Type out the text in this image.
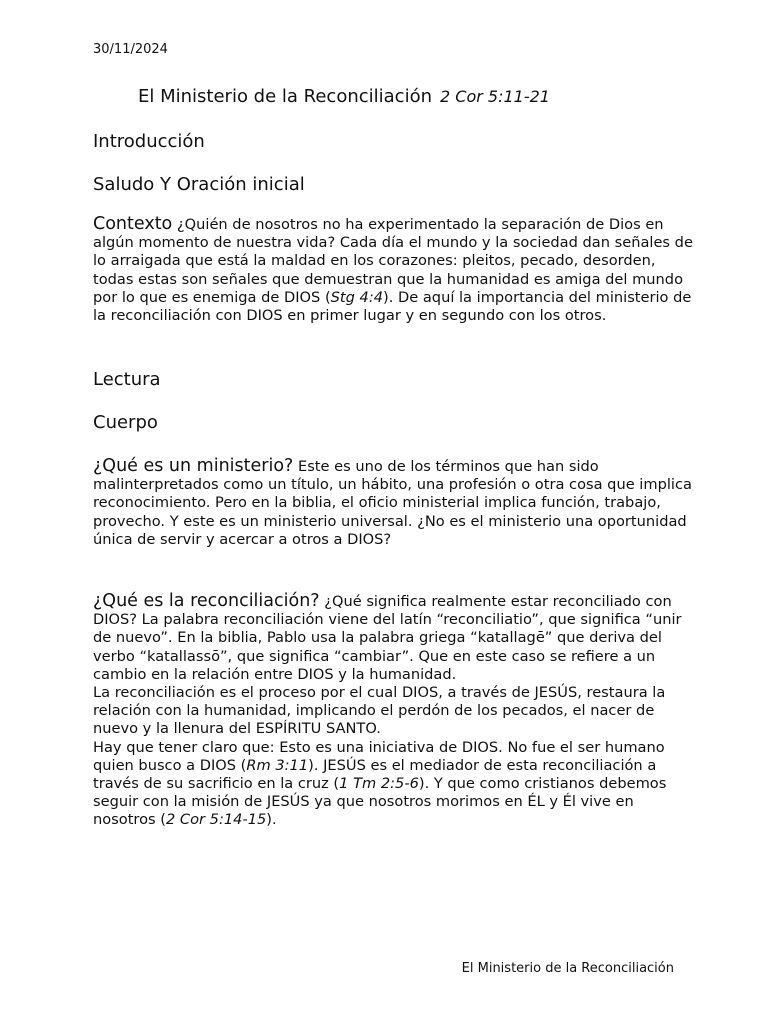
30/11/2024
El Ministerio de la Reconciliación 2 Cor 5:11-21
Introducción
Saludo Y Oración inicial
Contexto ¿Quién de nosotros no ha experimentado la separación de Dios en algún momento de nuestra vida? Cada día el mundo y la sociedad dan señales de lo arraigada que está la maldad en los corazones: pleitos, pecado, desorden, todas estas son señales que demuestran que la humanidad es amiga del mundo por lo que es enemiga de DIOS (Stg 4:4). De aquí la importancia del ministerio de la reconciliación con DIOS en primer lugar y en segundo con los otros.
Lectura
Cuerpo
¿Qué es un ministerio? Este es uno de los términos que han sido malinterpretados como un título, un hábito, una profesión o otra cosa que implica reconocimiento. Pero en la biblia, el oficio ministerial implica función, trabajo, provecho. Y este es un ministerio universal. ¿No es el ministerio una oportunidad única de servir y acercar a otros a DIOS?
¿Qué es la reconciliación? ¿Qué significa realmente estar reconciliado con DIOS? La palabra reconciliación viene del latín “reconciliatio”, que significa “unir de nuevo”. En la biblia, Pablo usa la palabra griega “katallagē” que deriva del verbo “katallassō”, que significa “cambiar”. Que en este caso se refiere a un cambio en la relación entre DIOS y la humanidad.
La reconciliación es el proceso por el cual DIOS, a través de JESÚS, restaura la relación con la humanidad, implicando el perdón de los pecados, el nacer de nuevo y la llenura del ESPÍRITU SANTO.
Hay que tener claro que: Esto es una iniciativa de DIOS. No fue el ser humano quien busco a DIOS (Rm 3:11). JESÚS es el mediador de esta reconciliación a través de su sacrificio en la cruz (1 Tm 2:5-6). Y que como cristianos debemos seguir con la misión de JESÚS ya que nosotros morimos en ÉL y Él vive en nosotros (2 Cor 5:14-15).
El Ministerio de la Reconciliación
